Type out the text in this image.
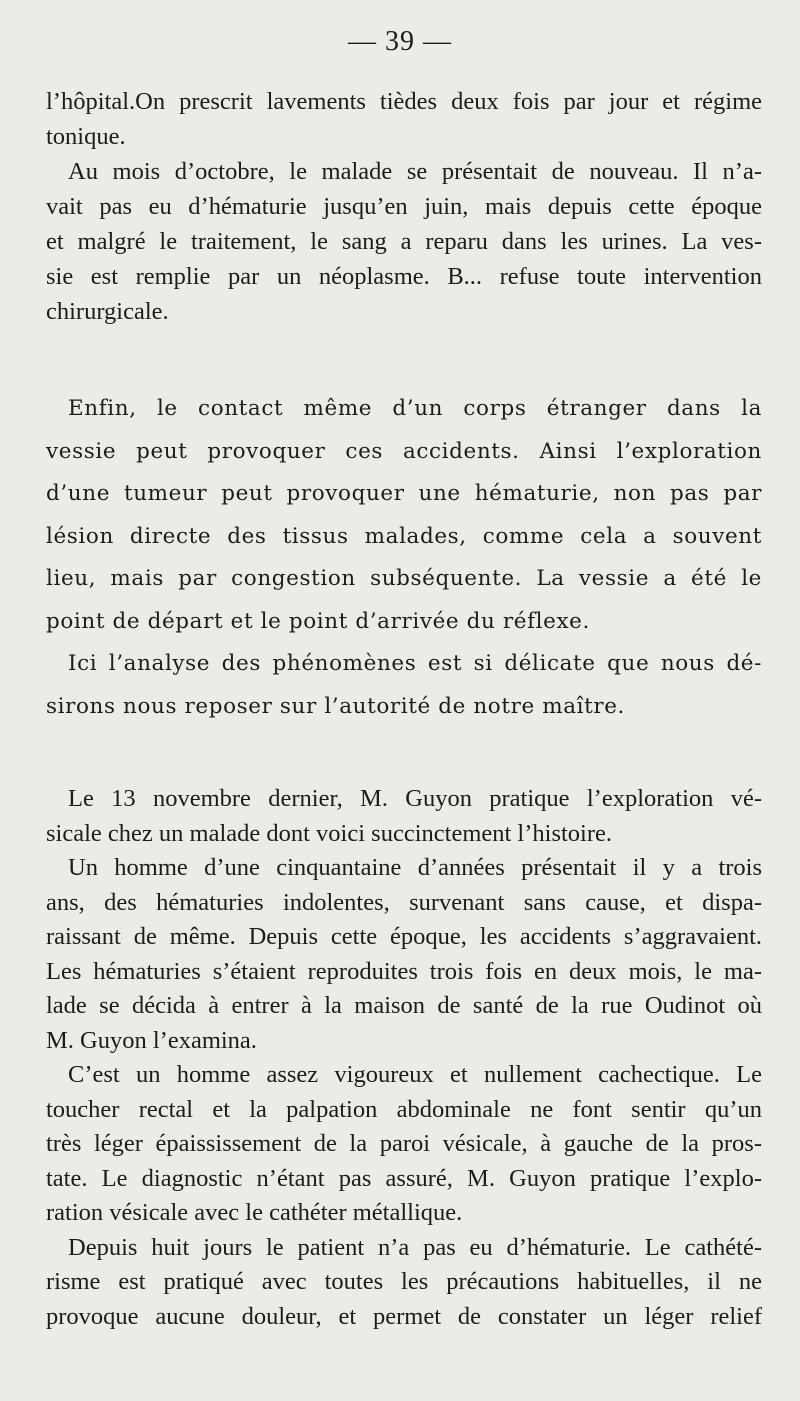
— 39 —
l’hôpital.On prescrit lavements tièdes deux fois par jour et régime
tonique.
Au mois d’octobre, le malade se présentait de nouveau. Il n’a-
vait pas eu d’hématurie jusqu’en juin, mais depuis cette époque
et malgré le traitement, le sang a reparu dans les urines. La ves-
sie est remplie par un néoplasme. B... refuse toute intervention
chirurgicale.
Enfin, le contact même d’un corps étranger dans la
vessie peut provoquer ces accidents. Ainsi l’exploration
d’une tumeur peut provoquer une hématurie, non pas par
lésion directe des tissus malades, comme cela a souvent
lieu, mais par congestion subséquente. La vessie a été le
point de départ et le point d’arrivée du réflexe.
Ici l’analyse des phénomènes est si délicate que nous dé-
sirons nous reposer sur l’autorité de notre maître.
Le 13 novembre dernier, M. Guyon pratique l’exploration vé-
sicale chez un malade dont voici succinctement l’histoire.
Un homme d’une cinquantaine d’années présentait il y a trois
ans, des hématuries indolentes, survenant sans cause, et dispa-
raissant de même. Depuis cette époque, les accidents s’aggravaient.
Les hématuries s’étaient reproduites trois fois en deux mois, le ma-
lade se décida à entrer à la maison de santé de la rue Oudinot où
M. Guyon l’examina.
C’est un homme assez vigoureux et nullement cachectique. Le
toucher rectal et la palpation abdominale ne font sentir qu’un
très léger épaississement de la paroi vésicale, à gauche de la pros-
tate. Le diagnostic n’étant pas assuré, M. Guyon pratique l’explo-
ration vésicale avec le cathéter métallique.
Depuis huit jours le patient n’a pas eu d’hématurie. Le cathété-
risme est pratiqué avec toutes les précautions habituelles, il ne
provoque aucune douleur, et permet de constater un léger relief
